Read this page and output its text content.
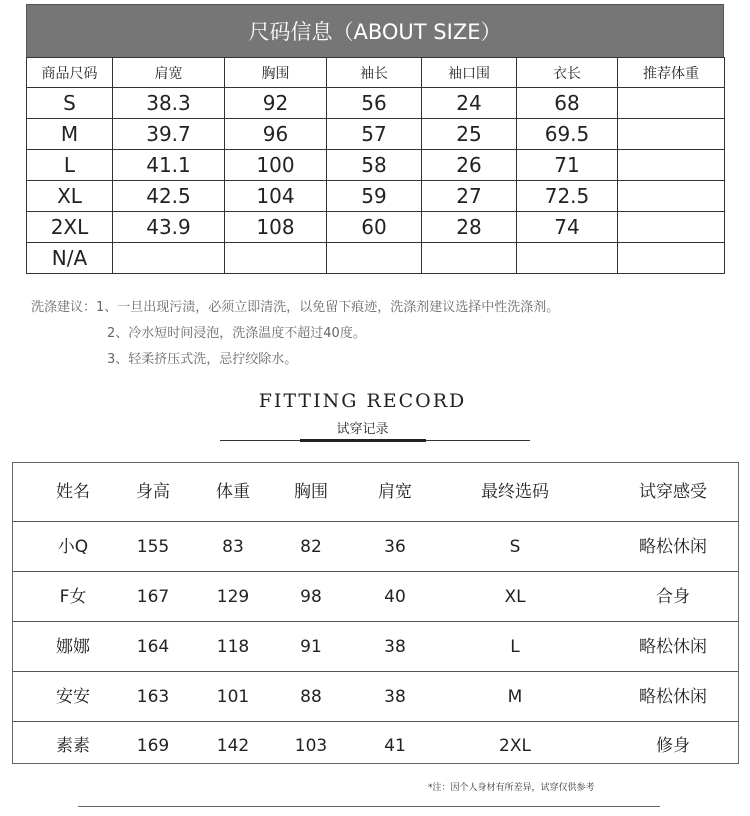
尺码信息（ABOUT SIZE）
商品尺码	肩宽	胸围	袖长	袖口围	衣长	推荐体重
S	38.3	92	56	24	68	
M	39.7	96	57	25	69.5	
L	41.1	100	58	26	71	
XL	42.5	104	59	27	72.5	
2XL	43.9	108	60	28	74	
N/A						
洗涤建议：1、一旦出现污渍，必须立即清洗，以免留下痕迹，洗涤剂建议选择中性洗涤剂。
2、冷水短时间浸泡，洗涤温度不超过40度。
3、轻柔挤压式洗，忌拧绞除水。
FITTING RECORD
试穿记录
姓名	身高	体重	胸围	肩宽	最终选码	试穿感受
小Q	155	83	82	36	S	略松休闲
F女	167	129	98	40	XL	合身
娜娜	164	118	91	38	L	略松休闲
安安	163	101	88	38	M	略松休闲
素素	169	142	103	41	2XL	修身
*注：因个人身材有所差异，试穿仅供参考
